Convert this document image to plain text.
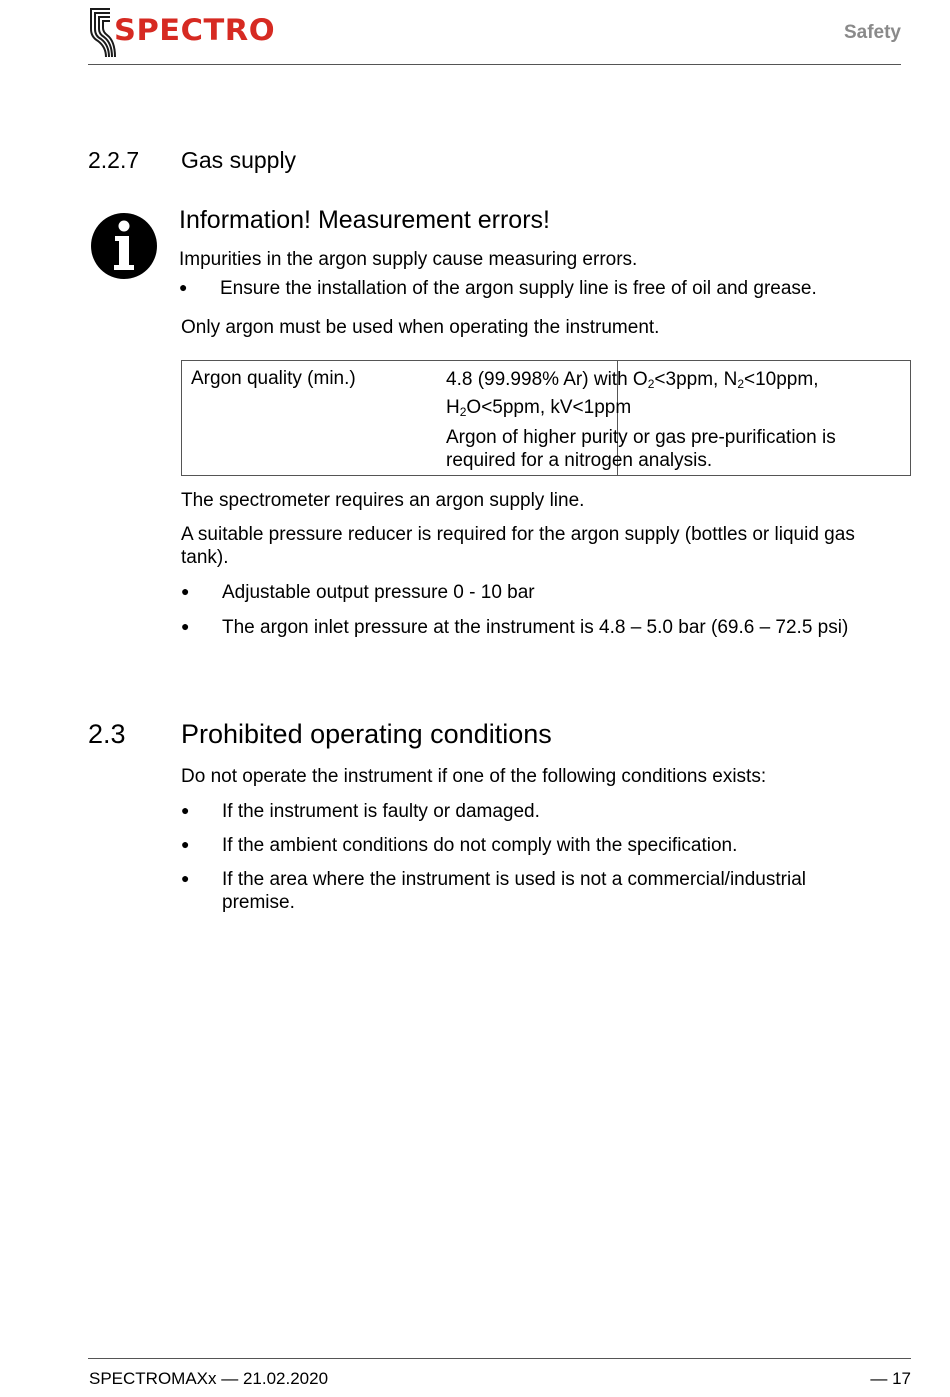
SPECTRO	Safety
2.2.7 Gas supply
Information! Measurement errors!
Impurities in the argon supply cause measuring errors.
● Ensure the installation of the argon supply line is free of oil and grease.
Only argon must be used when operating the instrument.
Argon quality (min.)	4.8 (99.998% Ar) with $O_2<3ppm$, $N_2<10ppm$,
$H_2O<5ppm$, kV<1ppm
Argon of higher purity or gas pre-purification is
required for a nitrogen analysis.
The spectrometer requires an argon supply line.
A suitable pressure reducer is required for the argon supply (bottles or liquid gas
tank).
● Adjustable output pressure 0 - 10 bar
● The argon inlet pressure at the instrument is 4.8 – 5.0 bar (69.6 – 72.5 psi)
2.3 Prohibited operating conditions
Do not operate the instrument if one of the following conditions exists:
● If the instrument is faulty or damaged.
● If the ambient conditions do not comply with the specification.
● If the area where the instrument is used is not a commercial/industrial
premise.
SPECTROMAXx — 21.02.2020	— 17
